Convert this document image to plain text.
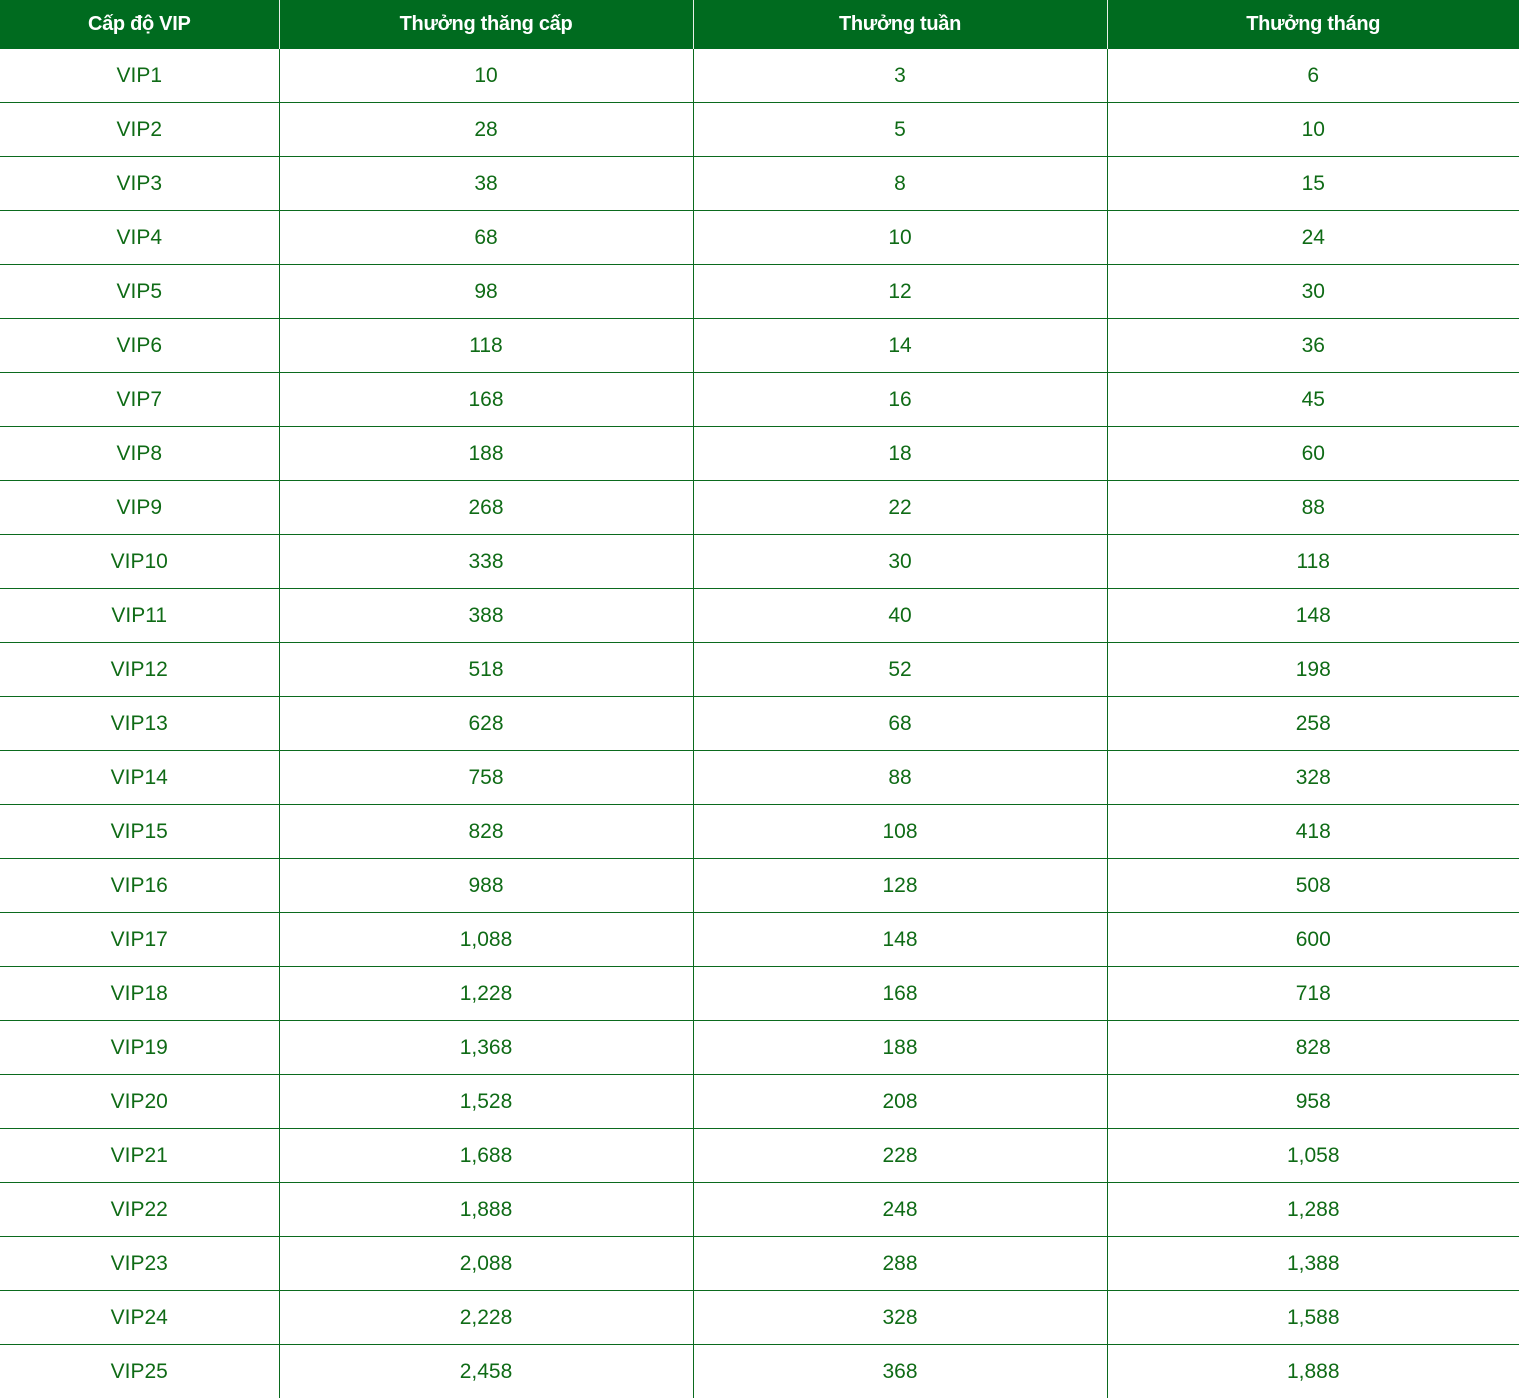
Cấp độ VIP	Thưởng thăng cấp	Thưởng tuần	Thưởng tháng
VIP1	10	3	6
VIP2	28	5	10
VIP3	38	8	15
VIP4	68	10	24
VIP5	98	12	30
VIP6	118	14	36
VIP7	168	16	45
VIP8	188	18	60
VIP9	268	22	88
VIP10	338	30	118
VIP11	388	40	148
VIP12	518	52	198
VIP13	628	68	258
VIP14	758	88	328
VIP15	828	108	418
VIP16	988	128	508
VIP17	1,088	148	600
VIP18	1,228	168	718
VIP19	1,368	188	828
VIP20	1,528	208	958
VIP21	1,688	228	1,058
VIP22	1,888	248	1,288
VIP23	2,088	288	1,388
VIP24	2,228	328	1,588
VIP25	2,458	368	1,888
